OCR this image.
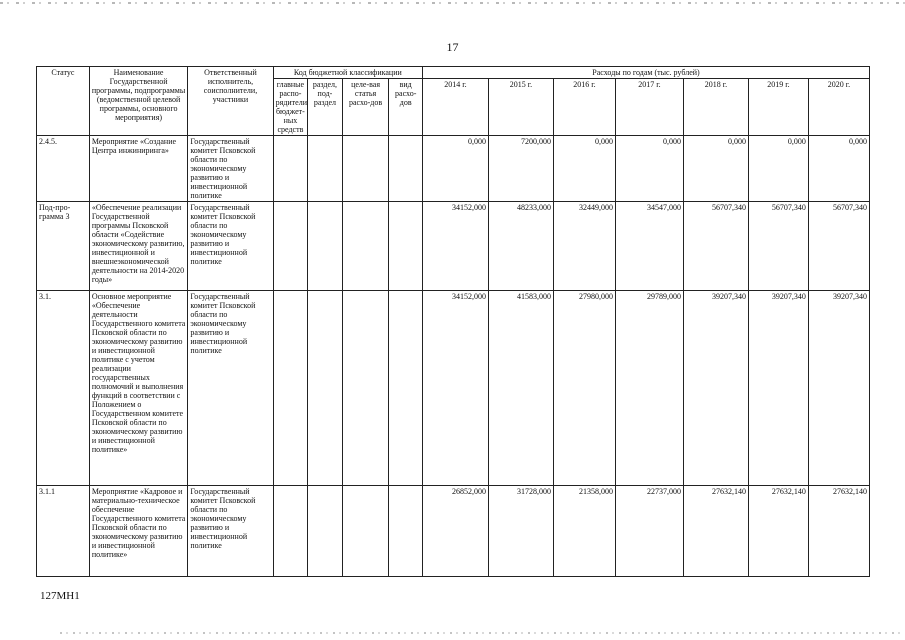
17
Статус	Наименование Государственной программы, подпрограммы (ведомственной целевой программы, основного мероприятия)	Ответственный исполнитель, соисполнители, участники	Код бюджетной классификации				Расходы по годам (тыс. рублей)						
			главные распо-рядители бюджет-ных средств	раздел, под-раздел	целе-вая статья расхо-дов	вид расхо-дов	2014 г.	2015 г.	2016 г.	2017 г.	2018 г.	2019 г.	2020 г.
2.4.5.	Мероприятие «Создание Центра инжиниринга»	Государственный комитет Псковской области по экономическому развитию и инвестиционной политике					0,000	7200,000	0,000	0,000	0,000	0,000	0,000
Под-про-грамма 3	«Обеспечение реализации Государственной программы Псковской области «Содействие экономическому развитию, инвестиционной и внешнеэкономической деятельности на 2014-2020 годы»	Государственный комитет Псковской области по экономическому развитию и инвестиционной политике					34152,000	48233,000	32449,000	34547,000	56707,340	56707,340	56707,340
3.1.	Основное мероприятие «Обеспечение деятельности Государственного комитета Псковской области по экономическому развитию и инвестиционной политике с учетом реализации государственных полномочий и выполнения функций в соответствии с Положением о Государственном комитете Псковской области по экономическому развитию и инвестиционной политике»	Государственный комитет Псковской области по экономическому развитию и инвестиционной политике					34152,000	41583,000	27980,000	29789,000	39207,340	39207,340	39207,340
3.1.1	Мероприятие «Кадровое и материально-техническое обеспечение Государственного комитета Псковской области по экономическому развитию и инвестиционной политике»	Государственный комитет Псковской области по экономическому развитию и инвестиционной политике					26852,000	31728,000	21358,000	22737,000	27632,140	27632,140	27632,140
127МН1
